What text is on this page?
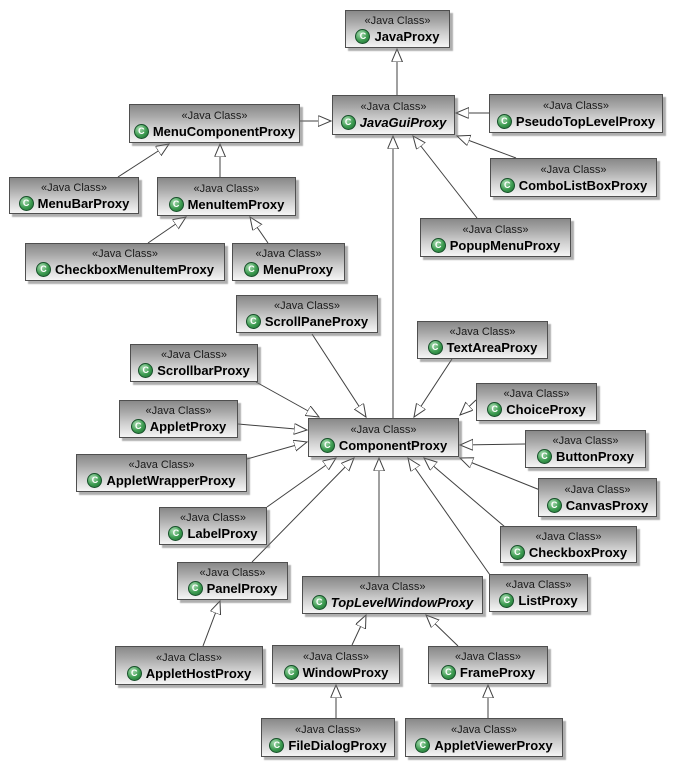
«Java Class»
C JavaProxy
«Java Class»
C JavaGuiProxy
«Java Class»
C PseudoTopLevelProxy
«Java Class»
C ComboListBoxProxy
«Java Class»
C MenuComponentProxy
«Java Class»
C MenuBarProxy
«Java Class»
C MenuItemProxy
«Java Class»
C CheckboxMenuItemProxy
«Java Class»
C MenuProxy
«Java Class»
C PopupMenuProxy
«Java Class»
C ScrollPaneProxy
«Java Class»
C TextAreaProxy
«Java Class»
C ScrollbarProxy
«Java Class»
C AppletProxy	«Java Class»
C ComponentProxy
«Java Class»
C AppletWrapperProxy
«Java Class»
C ChoiceProxy
«Java Class»
C ButtonProxy
«Java Class»
C CanvasProxy
«Java Class»
C CheckboxProxy
«Java Class»
C ListProxy
«Java Class»
C LabelProxy
«Java Class»
C PanelProxy	«Java Class»
C TopLevelWindowProxy
«Java Class»
C AppletHostProxy
«Java Class»
C WindowProxy
«Java Class»
C FrameProxy
«Java Class»
C FileDialogProxy
«Java Class»
C AppletViewerProxy
